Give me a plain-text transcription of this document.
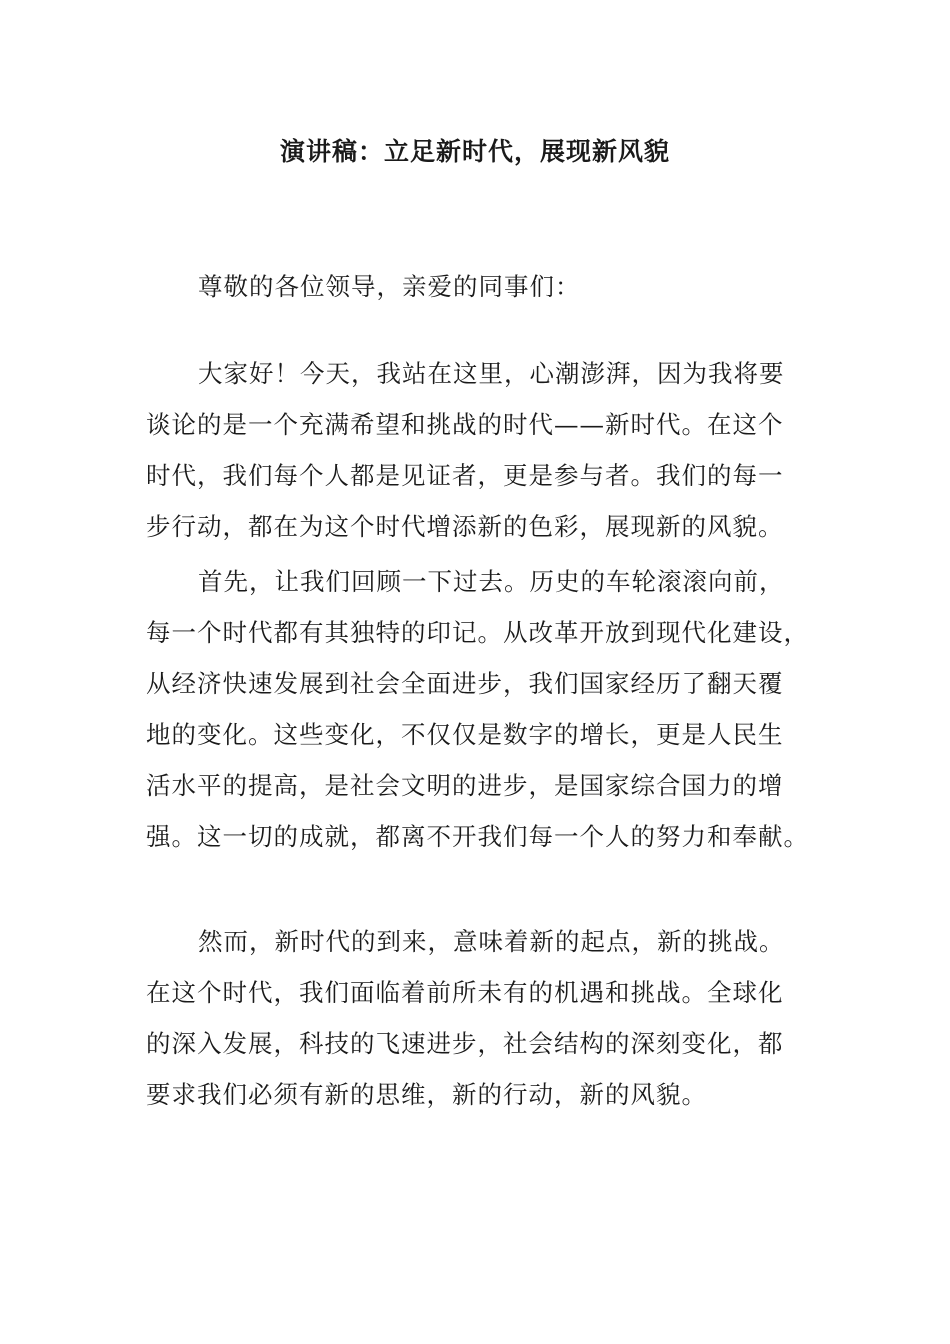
演讲稿：立足新时代，展现新风貌
尊敬的各位领导，亲爱的同事们：
大家好！今天，我站在这里，心潮澎湃，因为我将要
谈论的是一个充满希望和挑战的时代——新时代。在这个
时代，我们每个人都是见证者，更是参与者。我们的每一
步行动，都在为这个时代增添新的色彩，展现新的风貌。
首先，让我们回顾一下过去。历史的车轮滚滚向前，
每一个时代都有其独特的印记。从改革开放到现代化建设，
从经济快速发展到社会全面进步，我们国家经历了翻天覆
地的变化。这些变化，不仅仅是数字的增长，更是人民生
活水平的提高，是社会文明的进步，是国家综合国力的增
强。这一切的成就，都离不开我们每一个人的努力和奉献。
然而，新时代的到来，意味着新的起点，新的挑战。
在这个时代，我们面临着前所未有的机遇和挑战。全球化
的深入发展，科技的飞速进步，社会结构的深刻变化，都
要求我们必须有新的思维，新的行动，新的风貌。
